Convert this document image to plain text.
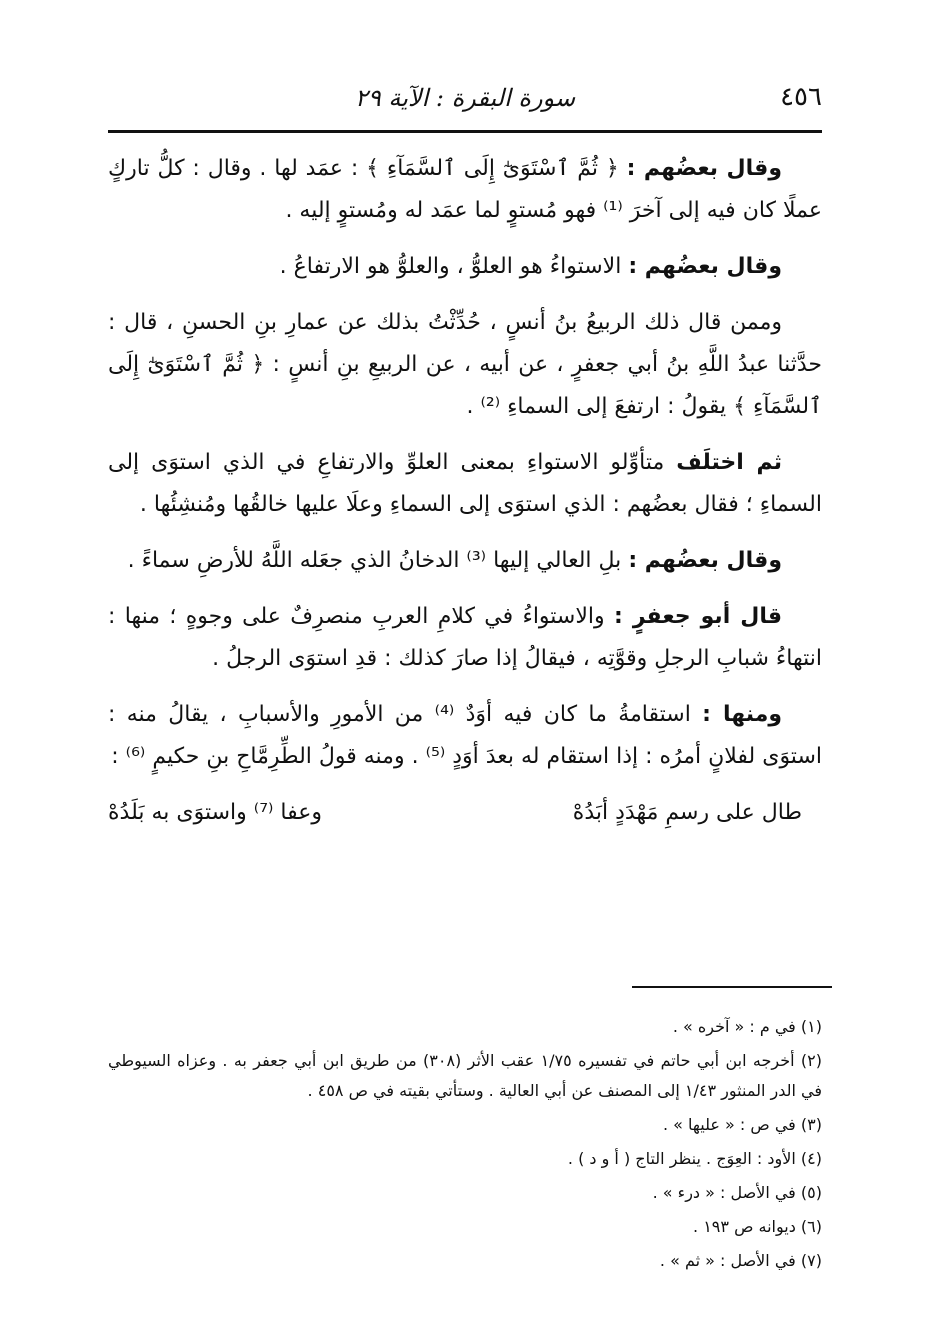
٤٥٦
سورة البقرة : الآية ٢٩

وقال بعضُهم : ﴿ ثُمَّ ٱسْتَوَىٰٓ إِلَى ٱلسَّمَآءِ ﴾ : عمَد لها . وقال : كلُّ تاركٍ عملًا كان فيه إلى آخرَ ⁽¹⁾ فهو مُستوٍ لما عمَد له ومُستوٍ إليه .

وقال بعضُهم : الاستواءُ هو العلوُّ ، والعلوُّ هو الارتفاعُ .

وممن قال ذلك الربيعُ بنُ أنسٍ ، حُدِّثْتُ بذلك عن عمارِ بنِ الحسنِ ، قال : حدَّثنا عبدُ اللَّهِ بنُ أبي جعفرٍ ، عن أبيه ، عن الربيعِ بنِ أنسٍ : ﴿ ثُمَّ ٱسْتَوَىٰٓ إِلَى ٱلسَّمَآءِ ﴾ يقولُ : ارتفعَ إلى السماءِ ⁽²⁾ .

ثم اختلَف متأوِّلو الاستواءِ بمعنى العلوِّ والارتفاعِ في الذي استوَى إلى السماءِ ؛ فقال بعضُهم : الذي استوَى إلى السماءِ وعلَا عليها خالقُها ومُنشِئُها .

وقال بعضُهم : بلِ العالي إليها ⁽³⁾ الدخانُ الذي جعَله اللَّهُ للأرضِ سماءً .

قال أبو جعفرٍ : والاستواءُ في كلامِ العربِ منصرِفٌ على وجوهٍ ؛ منها : انتهاءُ شبابِ الرجلِ وقوَّتِه ، فيقالُ إذا صارَ كذلك : قدِ استوَى الرجلُ .

ومنها : استقامةُ ما كان فيه أوَدٌ ⁽⁴⁾ من الأمورِ والأسبابِ ، يقالُ منه : استوَى لفلانٍ أمرُه : إذا استقام له بعدَ أوَدٍ ⁽⁵⁾ . ومنه قولُ الطِّرِمَّاحِ بنِ حكيمٍ ⁽⁶⁾ :

طال على رسمِ مَهْدَدٍ أبَدُهْ
وعفا ⁽⁷⁾ واستوَى به بَلَدُهْ

(١) في م : « آخره » .

(٢) أخرجه ابن أبي حاتم في تفسيره ١/٧٥ عقب الأثر (٣٠٨) من طريق ابن أبي جعفر به . وعزاه السيوطي في الدر المنثور ١/٤٣ إلى المصنف عن أبي العالية . وستأتي بقيته في ص ٤٥٨ .

(٣) في ص : « عليها » .

(٤) الأود : العِوَج . ينظر التاج ( أ و د ) .

(٥) في الأصل : « درء » .

(٦) ديوانه ص ١٩٣ .

(٧) في الأصل : « ثم » .
